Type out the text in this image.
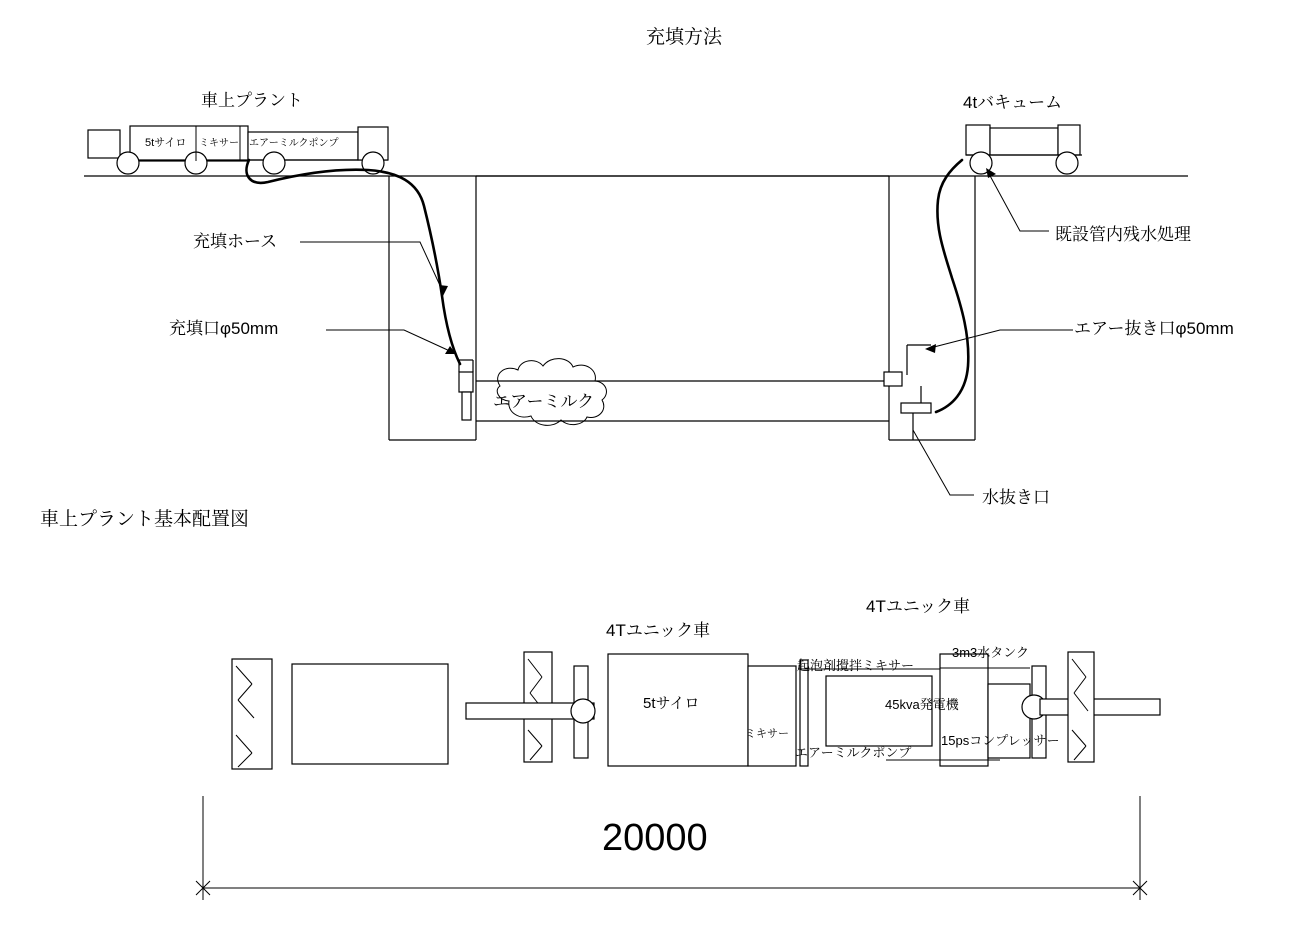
充填方法
車上プラント	4tバキューム
5tサイロ ミキサー エアーミルクポンプ
充填ホース
充填口φ50mm	エアー抜き口φ50mm
エアーミルク
既設管内残水処理
水抜き口
車上プラント基本配置図
4Tユニック車
4Tユニック車
5tサイロ
ミキサー
起泡剤攪拌ミキサー
45kva発電機
3m3水タンク
エアーミルクポンプ
15psコンプレッサー
20000
